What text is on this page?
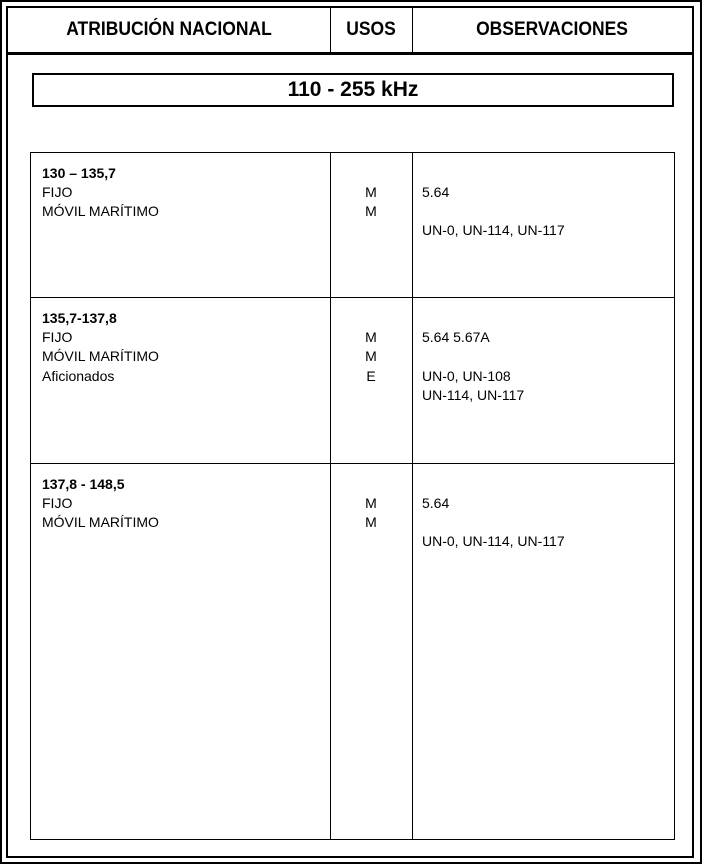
ATRIBUCIÓN NACIONAL	USOS	OBSERVACIONES
110 - 255 kHz
130 – 135,7
FIJO
MÓVIL MARÍTIMO
M
M
5.64
UN-0, UN-114, UN-117
135,7-137,8
FIJO
MÓVIL MARÍTIMO
Aficionados
M
M
E
5.64 5.67A
UN-0, UN-108
UN-114, UN-117
137,8 - 148,5
FIJO
MÓVIL MARÍTIMO
M
M
5.64
UN-0, UN-114, UN-117
